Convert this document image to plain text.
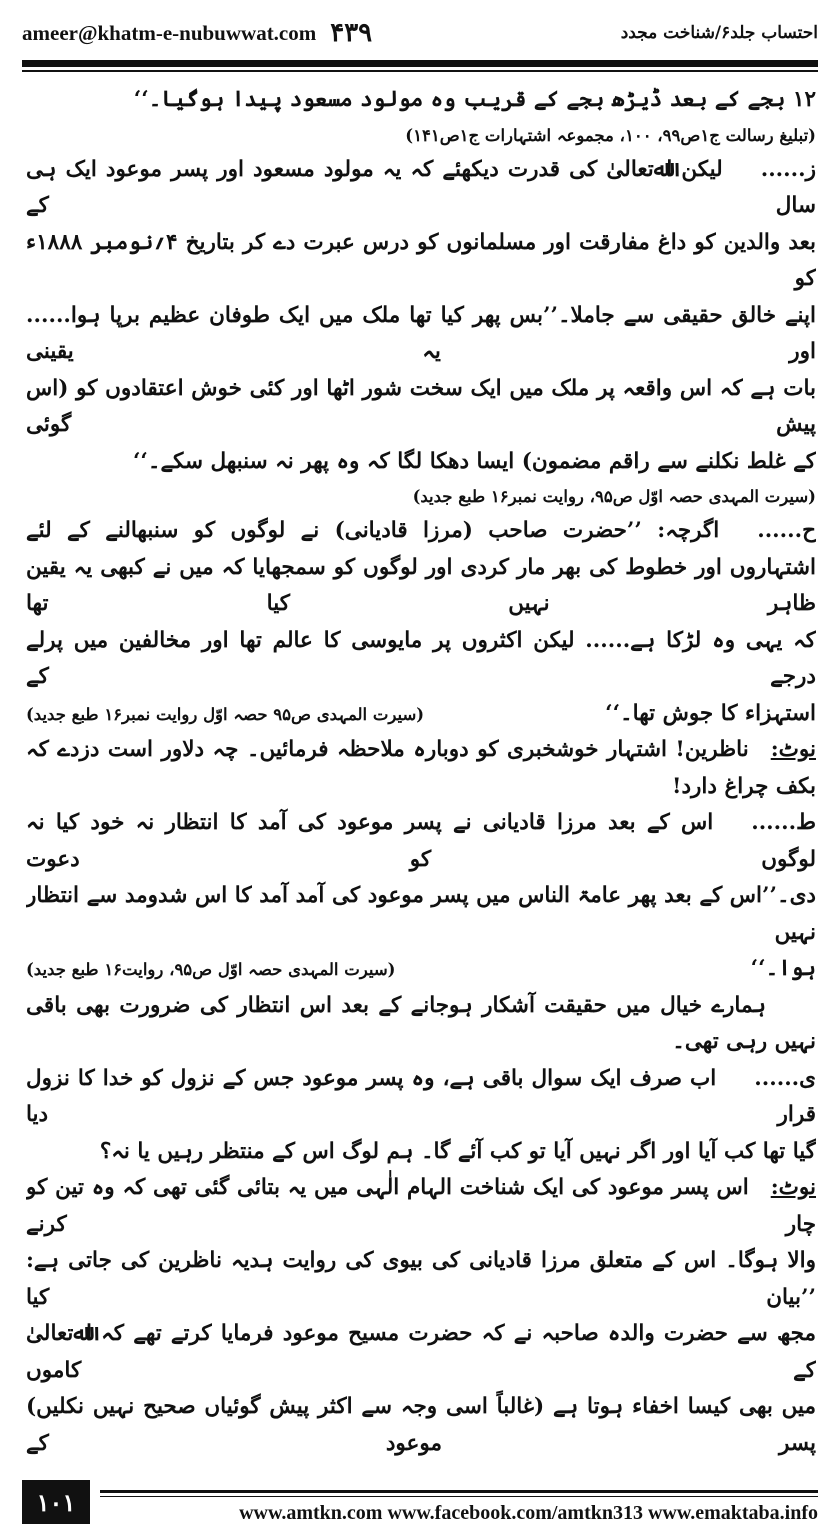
ameer@khatm-e-nubuwwat.com ۴۳۹	احتساب جلد۶/شناخت مجدد

۱۲ بجے کے بعد ڈیڑھ بجے کے قریب وہ مولود مسعود پیدا ہوگیا۔‘‘

(تبلیغ رسالت ج۱ص۹۹، ۱۰۰، مجموعہ اشتہارات ج۱ص۱۴۱)

ز......لیکن اﷲتعالیٰ کی قدرت دیکھئے کہ یہ مولود مسعود اور پسر موعود ایک ہی سال کے

بعد والدین کو داغ مفارقت اور مسلمانوں کو درس عبرت دے کر بتاریخ ۴؍نومبر ۱۸۸۸ء کو

اپنے خالق حقیقی سے جاملا۔’’بس پھر کیا تھا ملک میں ایک طوفان عظیم برپا ہوا...... اور یہ یقینی

بات ہے کہ اس واقعہ پر ملک میں ایک سخت شور اٹھا اور کئی خوش اعتقادوں کو (اس پیش گوئی

کے غلط نکلنے سے راقم مضمون) ایسا دھکا لگا کہ وہ پھر نہ سنبھل سکے۔‘‘

(سیرت المہدی حصہ اوّل ص۹۵، روایت نمبر۱۶ طبع جدید)

ح......اگرچہ: ’’حضرت صاحب (مرزا قادیانی) نے لوگوں کو سنبھالنے کے لئے

اشتہاروں اور خطوط کی بھر مار کردی اور لوگوں کو سمجھایا کہ میں نے کبھی یہ یقین ظاہر نہیں کیا تھا

کہ یہی وہ لڑکا ہے...... لیکن اکثروں پر مایوسی کا عالم تھا اور مخالفین میں پرلے درجے کے

استہزاء کا جوش تھا۔‘‘
(سیرت المہدی ص۹۵ حصہ اوّل روایت نمبر۱۶ طبع جدید)

نوٹ:ناظرین! اشتہار خوشخبری کو دوبارہ ملاحظہ فرمائیں۔ چہ دلاور است دزدے کہ

بکف چراغ دارد!

ط......اس کے بعد مرزا قادیانی نے پسر موعود کی آمد کا انتظار نہ خود کیا نہ لوگوں کو دعوت

دی۔’’اس کے بعد پھر عامۃ الناس میں پسر موعود کی آمد آمد کا اس شدومد سے انتظار نہیں

ہوا۔‘‘
(سیرت المہدی حصہ اوّل ص۹۵، روایت۱۶ طبع جدید)

ہمارے خیال میں حقیقت آشکار ہوجانے کے بعد اس انتظار کی ضرورت بھی باقی

نہیں رہی تھی۔

ی......اب صرف ایک سوال باقی ہے، وہ پسر موعود جس کے نزول کو خدا کا نزول قرار دیا

گیا تھا کب آیا اور اگر نہیں آیا تو کب آئے گا۔ ہم لوگ اس کے منتظر رہیں یا نہ؟

نوٹ:اس پسر موعود کی ایک شناخت الہام الٰہی میں یہ بتائی گئی تھی کہ وہ تین کو چار کرنے

والا ہوگا۔ اس کے متعلق مرزا قادیانی کی بیوی کی روایت ہدیہ ناظرین کی جاتی ہے: ’’بیان کیا

مجھ سے حضرت والدہ صاحبہ نے کہ حضرت مسیح موعود فرمایا کرتے تھے کہ اﷲتعالیٰ کے کاموں

میں بھی کیسا اخفاء ہوتا ہے (غالباً اسی وجہ سے اکثر پیش گوئیاں صحیح نہیں نکلیں) پسر موعود کے

۱۰۱	www.amtkn.com www.facebook.com/amtkn313 www.emaktaba.info
